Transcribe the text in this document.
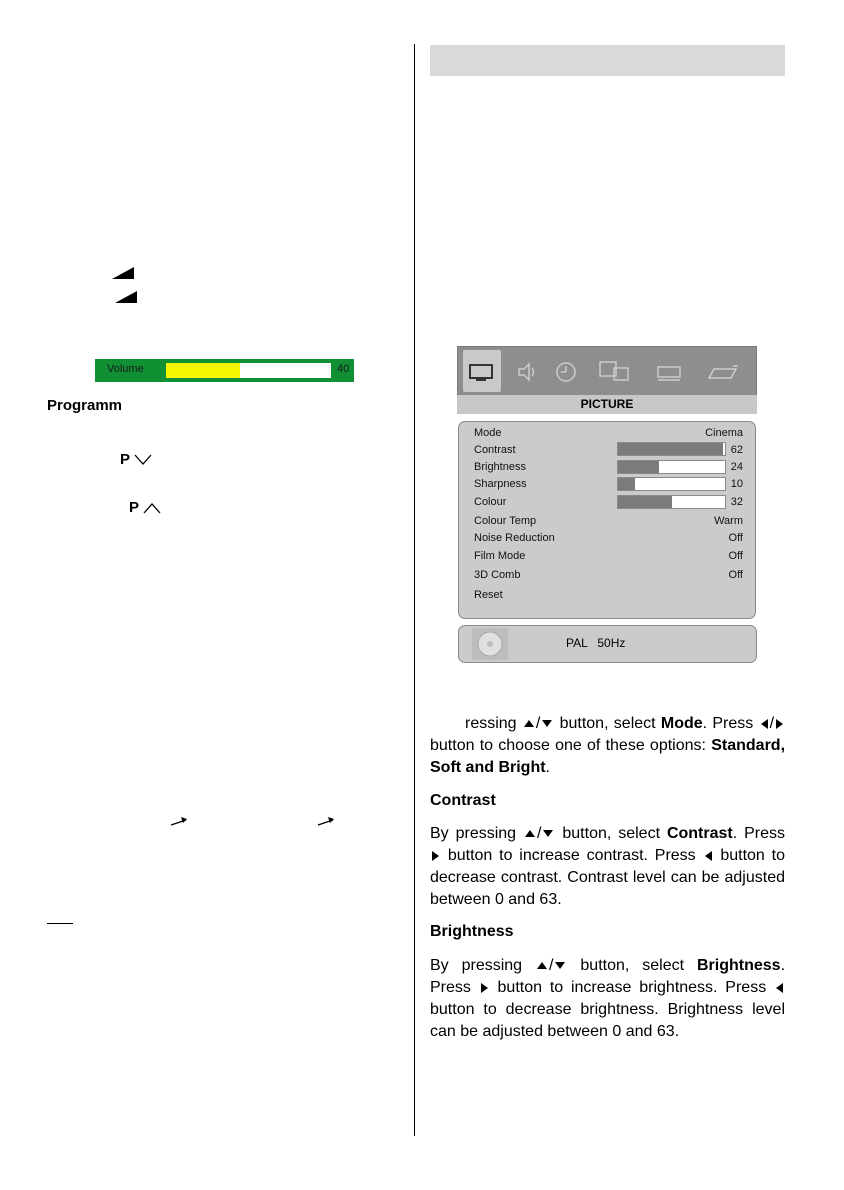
Volume	40
Programm
P
P
PICTURE
Mode	Cinema
Contrast	62
Brightness	24
Sharpness	10
Colour	32
Colour Temp	Warm
Noise Reduction	Off
Film Mode	Off
3D Comb	Off
Reset
PAL   50Hz
ressing / button, select Mode. Press / button to choose one of these options: Standard, Soft and Bright.
Contrast
By pressing / button, select Contrast. Press  button to increase contrast. Press button to decrease contrast. Contrast level can be adjusted between 0 and 63.
Brightness
By pressing / button, select Brightness. Press button to increase brightness. Press  button to decrease brightness. Brightness level can be adjusted between 0 and 63.
